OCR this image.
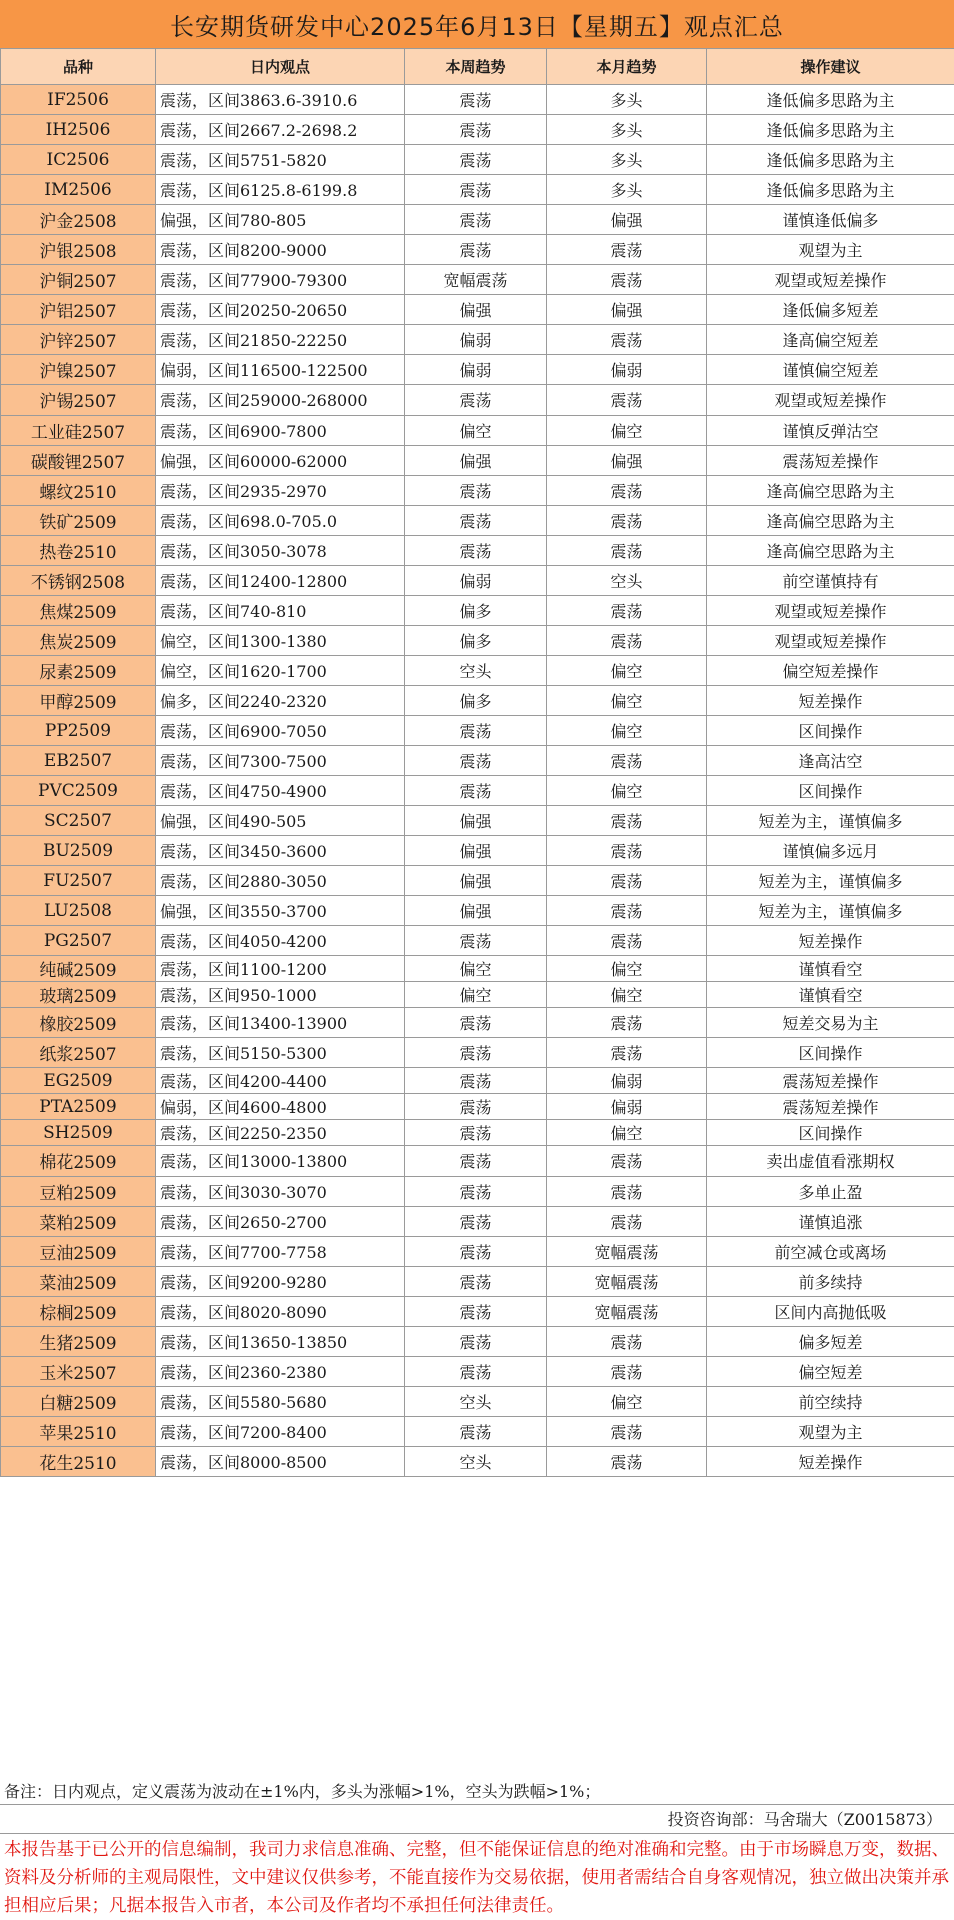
长安期货研发中心2025年6月13日【星期五】观点汇总
品种	日内观点	本周趋势	本月趋势	操作建议
IF2506	震荡，区间3863.6-3910.6	震荡	多头	逢低偏多思路为主
IH2506	震荡，区间2667.2-2698.2	震荡	多头	逢低偏多思路为主
IC2506	震荡，区间5751-5820	震荡	多头	逢低偏多思路为主
IM2506	震荡，区间6125.8-6199.8	震荡	多头	逢低偏多思路为主
沪金2508	偏强，区间780-805	震荡	偏强	谨慎逢低偏多
沪银2508	震荡，区间8200-9000	震荡	震荡	观望为主
沪铜2507	震荡，区间77900-79300	宽幅震荡	震荡	观望或短差操作
沪铝2507	震荡，区间20250-20650	偏强	偏强	逢低偏多短差
沪锌2507	震荡，区间21850-22250	偏弱	震荡	逢高偏空短差
沪镍2507	偏弱，区间116500-122500	偏弱	偏弱	谨慎偏空短差
沪锡2507	震荡，区间259000-268000	震荡	震荡	观望或短差操作
工业硅2507	震荡，区间6900-7800	偏空	偏空	谨慎反弹沽空
碳酸锂2507	偏强，区间60000-62000	偏强	偏强	震荡短差操作
螺纹2510	震荡，区间2935-2970	震荡	震荡	逢高偏空思路为主
铁矿2509	震荡，区间698.0-705.0	震荡	震荡	逢高偏空思路为主
热卷2510	震荡，区间3050-3078	震荡	震荡	逢高偏空思路为主
不锈钢2508	震荡，区间12400-12800	偏弱	空头	前空谨慎持有
焦煤2509	震荡，区间740-810	偏多	震荡	观望或短差操作
焦炭2509	偏空，区间1300-1380	偏多	震荡	观望或短差操作
尿素2509	偏空，区间1620-1700	空头	偏空	偏空短差操作
甲醇2509	偏多，区间2240-2320	偏多	偏空	短差操作
PP2509	震荡，区间6900-7050	震荡	偏空	区间操作
EB2507	震荡，区间7300-7500	震荡	震荡	逢高沽空
PVC2509	震荡，区间4750-4900	震荡	偏空	区间操作
SC2507	偏强，区间490-505	偏强	震荡	短差为主，谨慎偏多
BU2509	震荡，区间3450-3600	偏强	震荡	谨慎偏多远月
FU2507	震荡，区间2880-3050	偏强	震荡	短差为主，谨慎偏多
LU2508	偏强，区间3550-3700	偏强	震荡	短差为主，谨慎偏多
PG2507	震荡，区间4050-4200	震荡	震荡	短差操作
纯碱2509	震荡，区间1100-1200	偏空	偏空	谨慎看空
玻璃2509	震荡，区间950-1000	偏空	偏空	谨慎看空
橡胶2509	震荡，区间13400-13900	震荡	震荡	短差交易为主
纸浆2507	震荡，区间5150-5300	震荡	震荡	区间操作
EG2509	震荡，区间4200-4400	震荡	偏弱	震荡短差操作
PTA2509	偏弱，区间4600-4800	震荡	偏弱	震荡短差操作
SH2509	震荡，区间2250-2350	震荡	偏空	区间操作
棉花2509	震荡，区间13000-13800	震荡	震荡	卖出虚值看涨期权
豆粕2509	震荡，区间3030-3070	震荡	震荡	多单止盈
菜粕2509	震荡，区间2650-2700	震荡	震荡	谨慎追涨
豆油2509	震荡，区间7700-7758	震荡	宽幅震荡	前空减仓或离场
菜油2509	震荡，区间9200-9280	震荡	宽幅震荡	前多续持
棕榈2509	震荡，区间8020-8090	震荡	宽幅震荡	区间内高抛低吸
生猪2509	震荡，区间13650-13850	震荡	震荡	偏多短差
玉米2507	震荡，区间2360-2380	震荡	震荡	偏空短差
白糖2509	震荡，区间5580-5680	空头	偏空	前空续持
苹果2510	震荡，区间7200-8400	震荡	震荡	观望为主
花生2510	震荡，区间8000-8500	空头	震荡	短差操作
备注：日内观点，定义震荡为波动在±1%内，多头为涨幅>1%，空头为跌幅>1%；
投资咨询部：马舍瑞大（Z0015873）
本报告基于已公开的信息编制，我司力求信息准确、完整，但不能保证信息的绝对准确和完整。由于市场瞬息万变，数据、资料及分析师的主观局限性，文中建议仅供参考，不能直接作为交易依据，使用者需结合自身客观情况，独立做出决策并承担相应后果；凡据本报告入市者，本公司及作者均不承担任何法律责任。
